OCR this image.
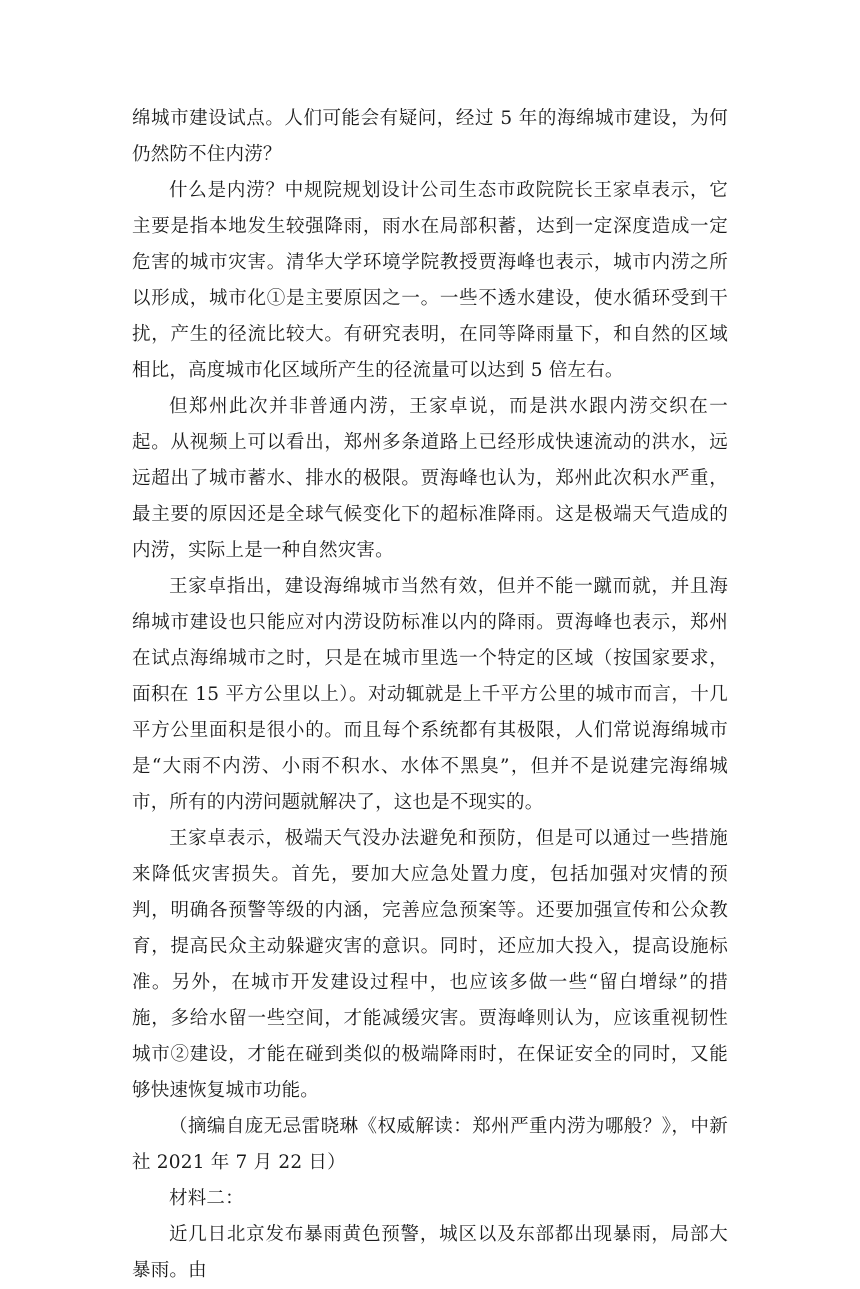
绵城市建设试点。人们可能会有疑问，经过 5 年的海绵城市建设，为何仍然防不住内涝？

什么是内涝？中规院规划设计公司生态市政院院长王家卓表示，它主要是指本地发生较强降雨，雨水在局部积蓄，达到一定深度造成一定危害的城市灾害。清华大学环境学院教授贾海峰也表示，城市内涝之所以形成，城市化①是主要原因之一。一些不透水建设，使水循环受到干扰，产生的径流比较大。有研究表明，在同等降雨量下，和自然的区域相比，高度城市化区域所产生的径流量可以达到 5 倍左右。

但郑州此次并非普通内涝，王家卓说，而是洪水跟内涝交织在一起。从视频上可以看出，郑州多条道路上已经形成快速流动的洪水，远远超出了城市蓄水、排水的极限。贾海峰也认为，郑州此次积水严重，最主要的原因还是全球气候变化下的超标准降雨。这是极端天气造成的内涝，实际上是一种自然灾害。

王家卓指出，建设海绵城市当然有效，但并不能一蹴而就，并且海绵城市建设也只能应对内涝设防标准以内的降雨。贾海峰也表示，郑州在试点海绵城市之时，只是在城市里选一个特定的区域（按国家要求，面积在 15 平方公里以上）。对动辄就是上千平方公里的城市而言，十几平方公里面积是很小的。而且每个系统都有其极限，人们常说海绵城市是“大雨不内涝、小雨不积水、水体不黑臭”，但并不是说建完海绵城市，所有的内涝问题就解决了，这也是不现实的。

王家卓表示，极端天气没办法避免和预防，但是可以通过一些措施来降低灾害损失。首先，要加大应急处置力度，包括加强对灾情的预判，明确各预警等级的内涵，完善应急预案等。还要加强宣传和公众教育，提高民众主动躲避灾害的意识。同时，还应加大投入，提高设施标准。另外，在城市开发建设过程中，也应该多做一些“留白增绿”的措施，多给水留一些空间，才能减缓灾害。贾海峰则认为，应该重视韧性城市②建设，才能在碰到类似的极端降雨时，在保证安全的同时，又能够快速恢复城市功能。

（摘编自庞无忌雷晓琳《权威解读：郑州严重内涝为哪般？》，中新社 2021 年 7 月 22 日）

材料二：

近几日北京发布暴雨黄色预警，城区以及东部都出现暴雨，局部大暴雨。由
